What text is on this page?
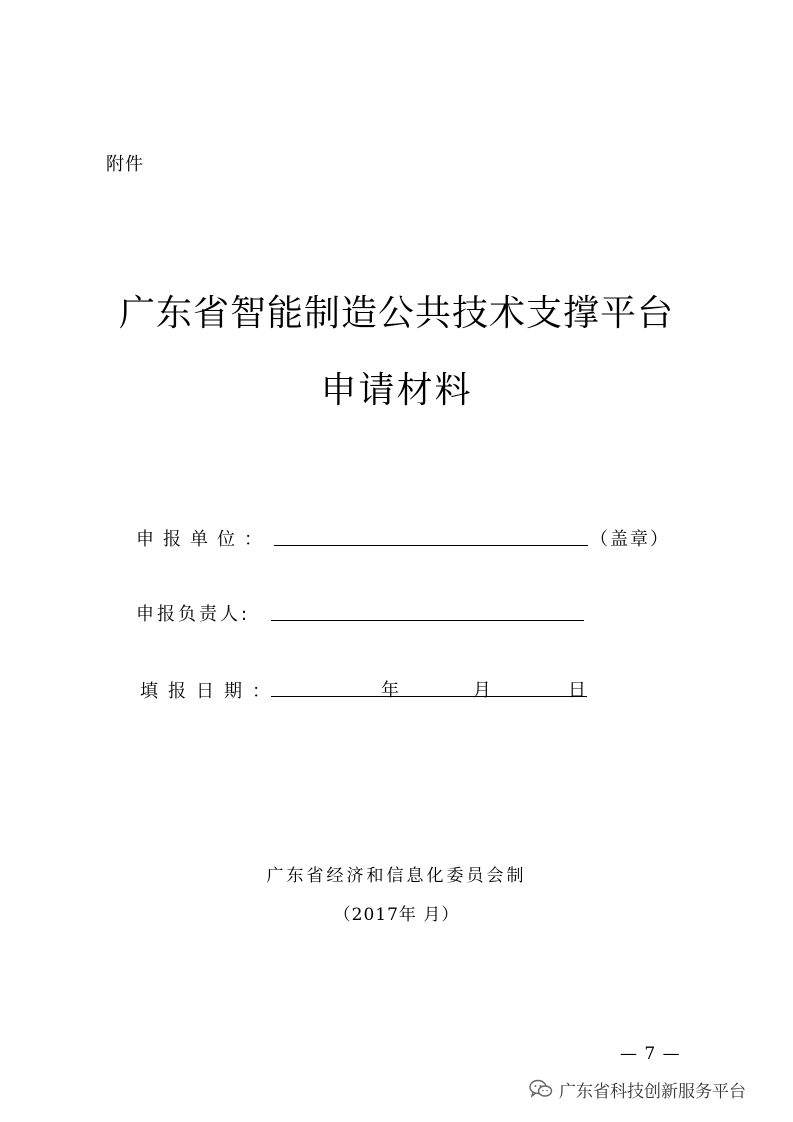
附件
广东省智能制造公共技术支撑平台
申请材料
申报单位：	（盖章）
申报负责人:
填报日期：	年	月	日
广东省经济和信息化委员会制
（2017年 月）
— 7 —
广东省科技创新服务平台
